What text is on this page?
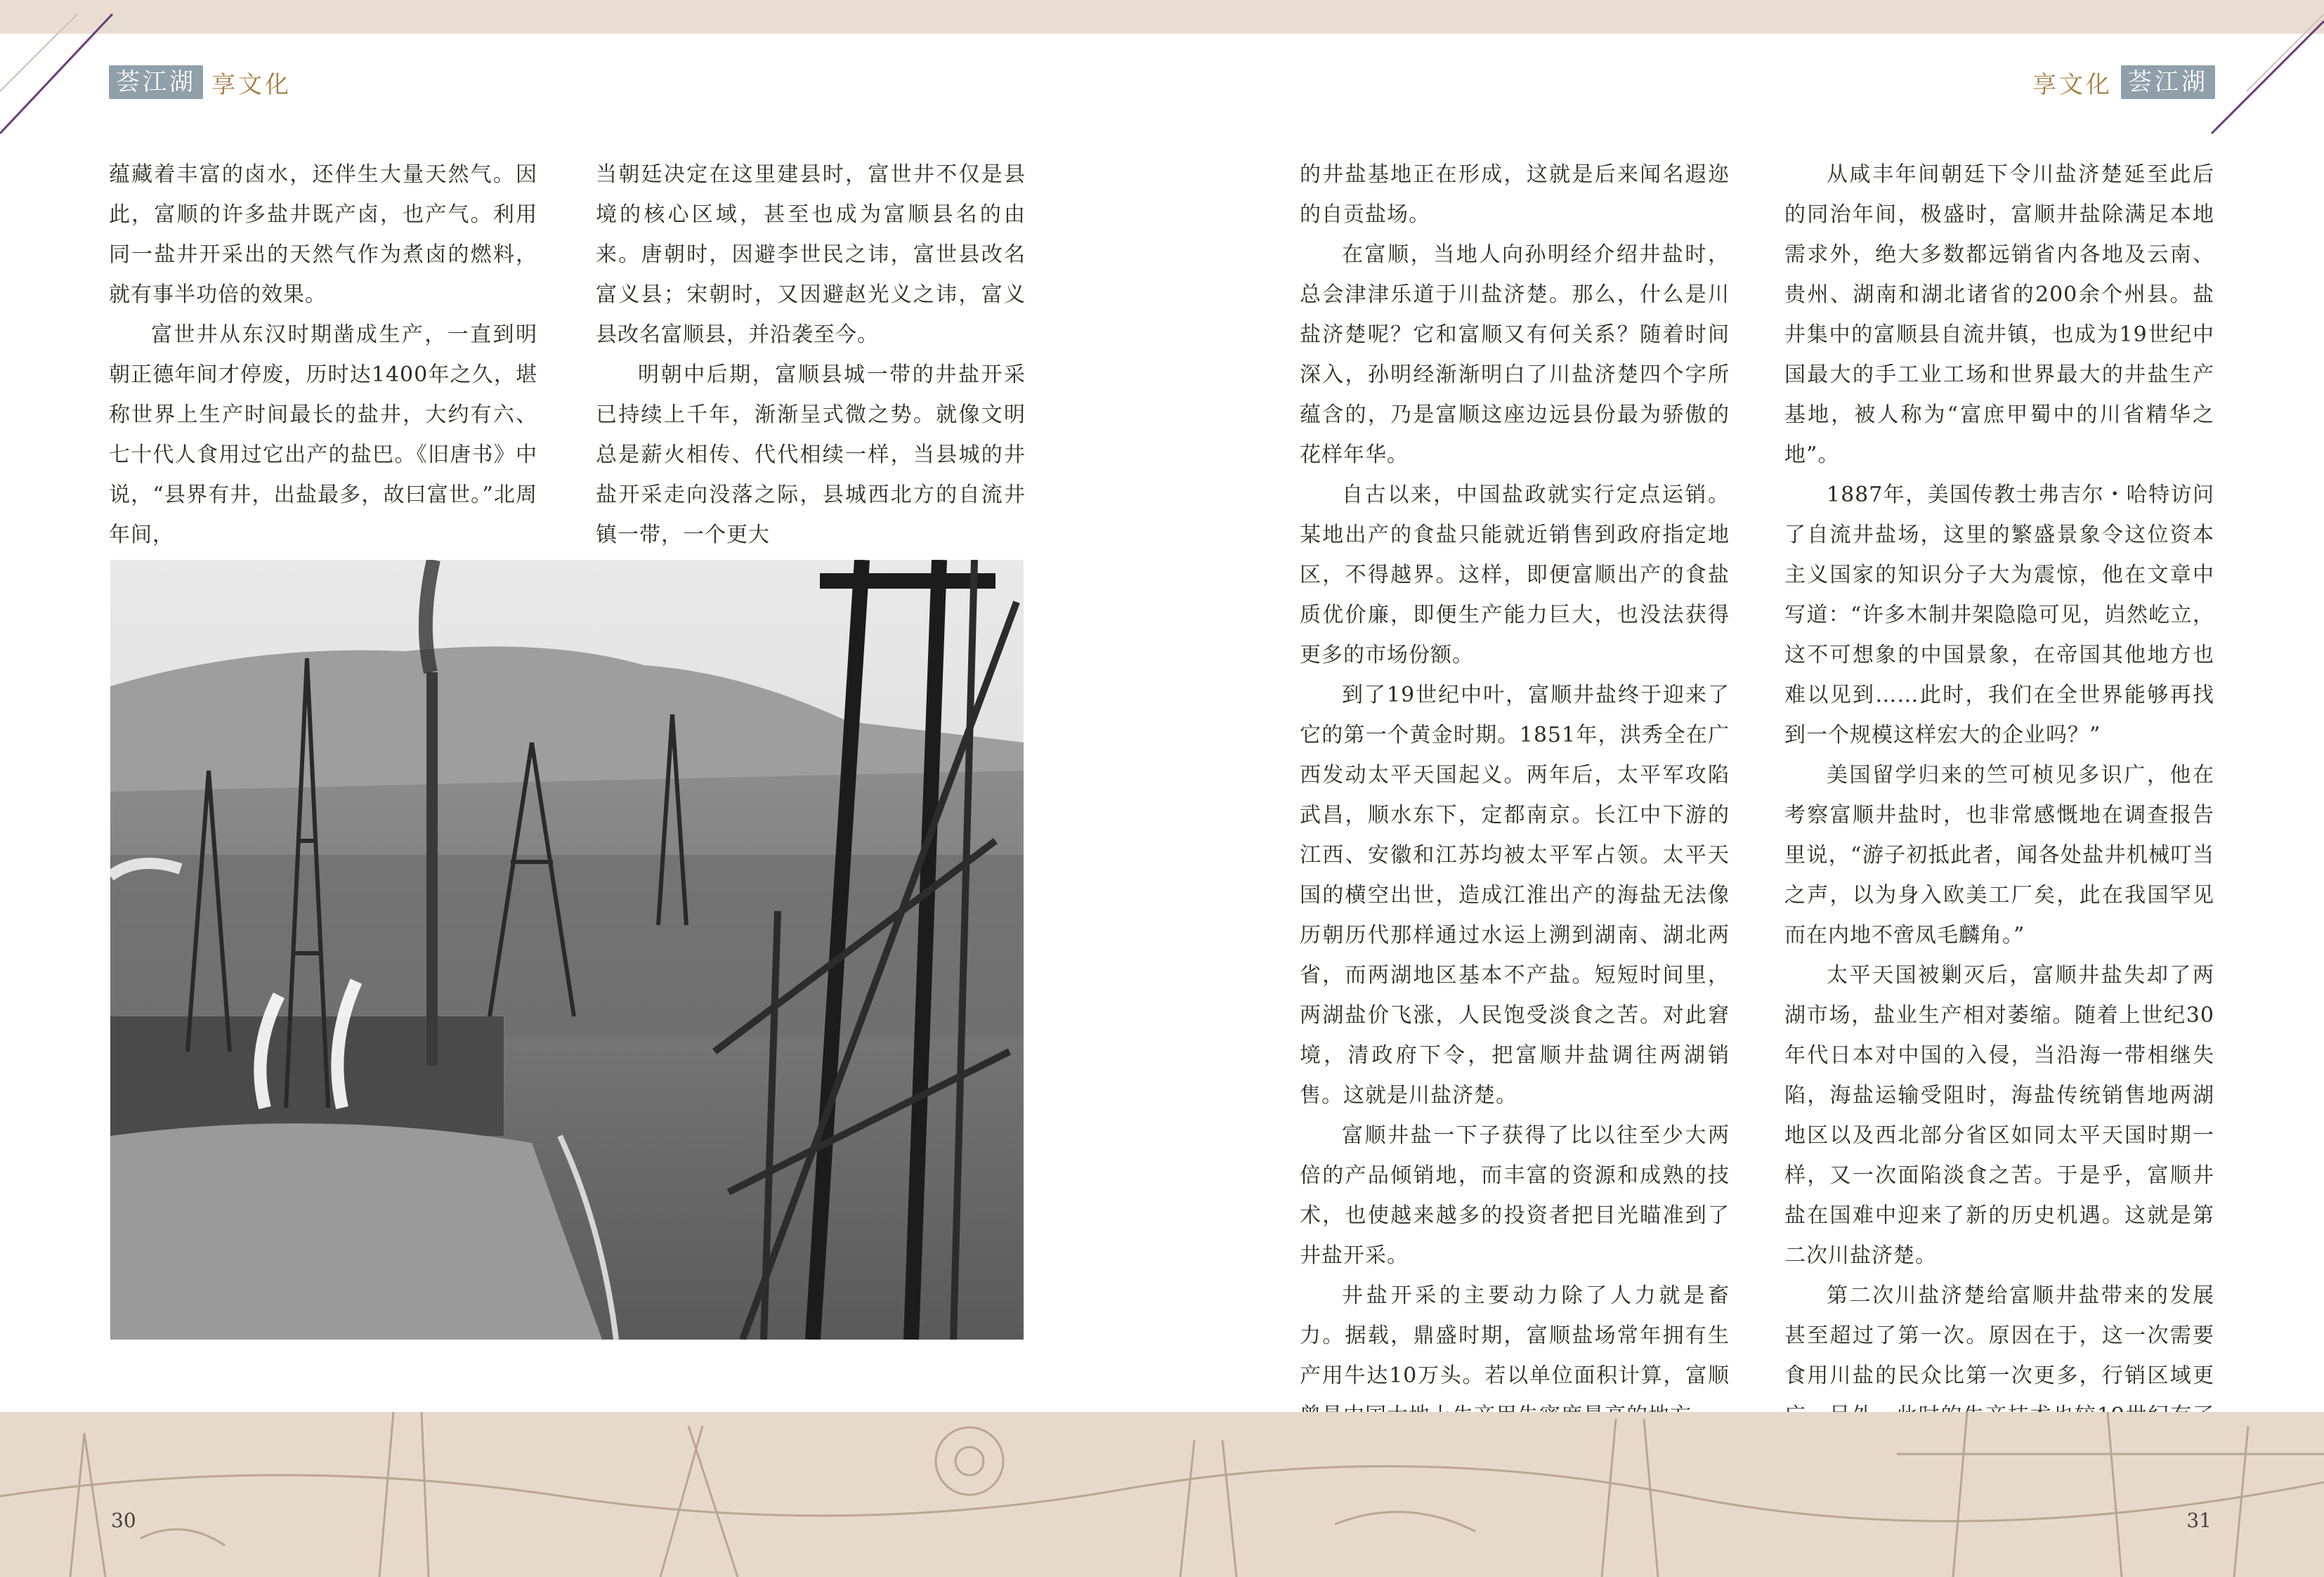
荟江湖 享文化	享文化 荟江湖

蕴藏着丰富的卤水，还伴生大量天然气。因此，富顺的许多盐井既产卤，也产气。利用同一盐井开采出的天然气作为煮卤的燃料，就有事半功倍的效果。

富世井从东汉时期凿成生产，一直到明朝正德年间才停废，历时达1400年之久，堪称世界上生产时间最长的盐井，大约有六、七十代人食用过它出产的盐巴。《旧唐书》中说，“县界有井，出盐最多，故曰富世。”北周年间，

当朝廷决定在这里建县时，富世井不仅是县境的核心区域，甚至也成为富顺县名的由来。唐朝时，因避李世民之讳，富世县改名富义县；宋朝时，又因避赵光义之讳，富义县改名富顺县，并沿袭至今。

明朝中后期，富顺县城一带的井盐开采已持续上千年，渐渐呈式微之势。就像文明总是薪火相传、代代相续一样，当县城的井盐开采走向没落之际，县城西北方的自流井镇一带，一个更大

的井盐基地正在形成，这就是后来闻名遐迩的自贡盐场。

在富顺，当地人向孙明经介绍井盐时，总会津津乐道于川盐济楚。那么，什么是川盐济楚呢？它和富顺又有何关系？随着时间深入，孙明经渐渐明白了川盐济楚四个字所蕴含的，乃是富顺这座边远县份最为骄傲的花样年华。

自古以来，中国盐政就实行定点运销。某地出产的食盐只能就近销售到政府指定地区，不得越界。这样，即便富顺出产的食盐质优价廉，即便生产能力巨大，也没法获得更多的市场份额。

到了19世纪中叶，富顺井盐终于迎来了它的第一个黄金时期。1851年，洪秀全在广西发动太平天国起义。两年后，太平军攻陷武昌，顺水东下，定都南京。长江中下游的江西、安徽和江苏均被太平军占领。太平天国的横空出世，造成江淮出产的海盐无法像历朝历代那样通过水运上溯到湖南、湖北两省，而两湖地区基本不产盐。短短时间里，两湖盐价飞涨，人民饱受淡食之苦。对此窘境，清政府下令，把富顺井盐调往两湖销售。这就是川盐济楚。

富顺井盐一下子获得了比以往至少大两倍的产品倾销地，而丰富的资源和成熟的技术，也使越来越多的投资者把目光瞄准到了井盐开采。

井盐开采的主要动力除了人力就是畜力。据载，鼎盛时期，富顺盐场常年拥有生产用牛达10万头。若以单位面积计算，富顺

从咸丰年间朝廷下令川盐济楚延至此后的同治年间，极盛时，富顺井盐除满足本地需求外，绝大多数都远销省内各地及云南、贵州、湖南和湖北诸省的200余个州县。盐井集中的富顺县自流井镇，也成为19世纪中国最大的手工业工场和世界最大的井盐生产基地，被人称为“富庶甲蜀中的川省精华之地”。

1887年，美国传教士弗吉尔・哈特访问了自流井盐场，这里的繁盛景象令这位资本主义国家的知识分子大为震惊，他在文章中写道：“许多木制井架隐隐可见，岿然屹立，这不可想象的中国景象，在帝国其他地方也难以见到……此时，我们在全世界能够再找到一个规模这样宏大的企业吗？”

美国留学归来的竺可桢见多识广，他在考察富顺井盐时，也非常感慨地在调查报告里说，“游子初抵此者，闻各处盐井机械叮当之声，以为身入欧美工厂矣，此在我国罕见而在内地不啻凤毛麟角。”

太平天国被剿灭后，富顺井盐失却了两湖市场，盐业生产相对萎缩。随着上世纪30年代日本对中国的入侵，当沿海一带相继失陷，海盐运输受阻时，海盐传统销售地两湖地区以及西北部分省区如同太平天国时期一样，又一次面陷淡食之苦。于是乎，富顺井盐在国难中迎来了新的历史机遇。这就是第二次川盐济楚。

第二次川盐济楚给富顺井盐带来的发展甚至超过了第一次。原因在于，这一次需要食用川盐的民众比第一次更多，行销区域更

30	31
